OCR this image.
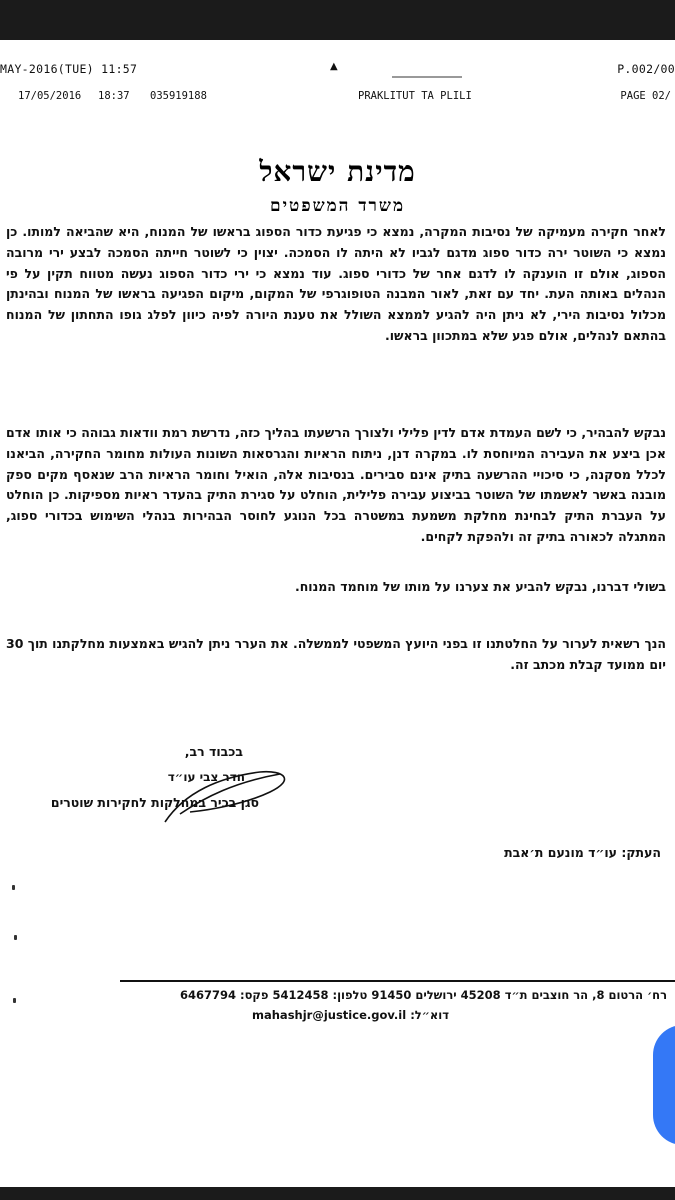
MAY-2016(TUE) 11:57	▲	P.002/00
17/05/2016 18:37 035919188	PRAKLITUT TA PLILI	PAGE 02/
מדינת ישראל
משרד המשפטים
לאחר חקירה מעמיקה של נסיבות המקרה, נמצא כי פגיעת כדור הספוג בראשו של המנוח, היא שהביאה למותו. כן נמצא כי השוטר ירה כדור ספוג מדגם לגביו לא היתה לו הסמכה. יצוין כי לשוטר חייתה הסמכה לבצע ירי מרובה הספוג, אולם זו הוענקה לו לדגם אחר של כדורי ספוג. עוד נמצא כי ירי כדור הספוג נעשה מטווח תקין על פי הנהלים באותה העת. יחד עם זאת, לאור המבנה הטופוגרפי של המקום, מיקום הפגיעה בראשו של המנוח ובהינתן מכלול נסיבות הירי, לא ניתן היה להגיע לממצא השולל את טענת היורה לפיה כיוון לפלג גופו התחתון של המנוח בהתאם לנהלים, אולם פגע שלא במתכוון בראשו.
נבקש להבהיר, כי לשם העמדת אדם לדין פלילי ולצורך הרשעתו בהליך כזה, נדרשת רמת וודאות גבוהה כי אותו אדם אכן ביצע את העבירה המיוחסת לו. במקרה דנן, ניתוח הראיות והגרסאות השונות העולות מחומר החקירה, הביאנו לכלל מסקנה, כי סיכויי ההרשעה בתיק אינם סבירים. בנסיבות אלה, הואיל וחומר הראיות הרב שנאסף מקים ספק מובנה באשר לאשמתו של השוטר בביצוע עבירה פלילית, הוחלט על סגירת התיק בהעדר ראיות מספיקות. כן הוחלט על העברת התיק לבחינת מחלקת משמעת במשטרה בכל הנוגע לחוסר הבהירות בנהלי השימוש בכדורי ספוג, המתגלה לכאורה בתיק זה ולהפקת לקחים.
בשולי דברנו, נבקש להביע את צערנו על מותו של מוחמד המנוח.
הנך רשאית לערור על החלטתנו זו בפני היועץ המשפטי לממשלה. את הערר ניתן להגיש באמצעות מחלקתנו תוך 30 יום ממועד קבלת מכתב זה.
בכבוד רב,
חדר צבי עו״ד
סגן בכיר במחלקות לחקירות שוטרים
העתק: עו״ד מונעם ת׳אבת
רח׳ הרטום 8, הר חוצבים ת״ד 45208 ירושלים 91450 טלפון: 5412458 פקס: 6467794
דוא״ל: mahashjr@justice.gov.il
